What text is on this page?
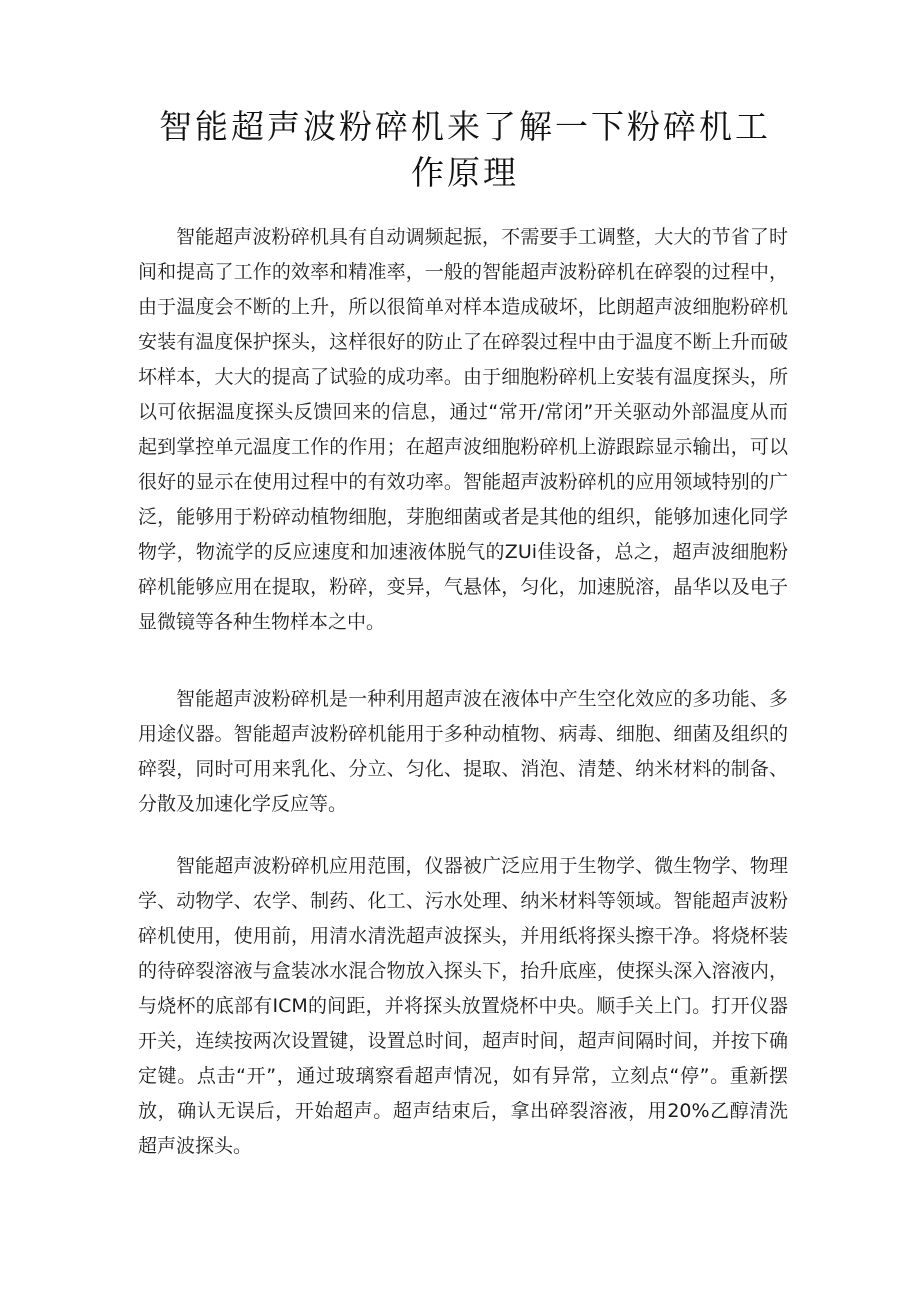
智能超声波粉碎机来了解一下粉碎机工作原理

智能超声波粉碎机具有自动调频起振，不需要手工调整，大大的节省了时间和提高了工作的效率和精准率，一般的智能超声波粉碎机在碎裂的过程中，由于温度会不断的上升，所以很简单对样本造成破坏，比朗超声波细胞粉碎机安装有温度保护探头，这样很好的防止了在碎裂过程中由于温度不断上升而破坏样本，大大的提高了试验的成功率。由于细胞粉碎机上安装有温度探头，所以可依据温度探头反馈回来的信息，通过“常开/常闭”开关驱动外部温度从而起到掌控单元温度工作的作用；在超声波细胞粉碎机上游跟踪显示输出，可以很好的显示在使用过程中的有效功率。智能超声波粉碎机的应用领域特别的广泛，能够用于粉碎动植物细胞，芽胞细菌或者是其他的组织，能够加速化同学物学，物流学的反应速度和加速液体脱气的ZUi佳设备，总之，超声波细胞粉碎机能够应用在提取，粉碎，变异，气悬体，匀化，加速脱溶，晶华以及电子显微镜等各种生物样本之中。

智能超声波粉碎机是一种利用超声波在液体中产生空化效应的多功能、多用途仪器。智能超声波粉碎机能用于多种动植物、病毒、细胞、细菌及组织的碎裂，同时可用来乳化、分立、匀化、提取、消泡、清楚、纳米材料的制备、分散及加速化学反应等。

智能超声波粉碎机应用范围，仪器被广泛应用于生物学、微生物学、物理学、动物学、农学、制药、化工、污水处理、纳米材料等领域。智能超声波粉碎机使用，使用前，用清水清洗超声波探头，并用纸将探头擦干净。将烧杯装的待碎裂溶液与盒装冰水混合物放入探头下，抬升底座，使探头深入溶液内，与烧杯的底部有ICM的间距，并将探头放置烧杯中央。顺手关上门。打开仪器开关，连续按两次设置键，设置总时间，超声时间，超声间隔时间，并按下确定键。点击“开”，通过玻璃察看超声情况，如有异常，立刻点“停”。重新摆放，确认无误后，开始超声。超声结束后，拿出碎裂溶液，用20%乙醇清洗超声波探头。
